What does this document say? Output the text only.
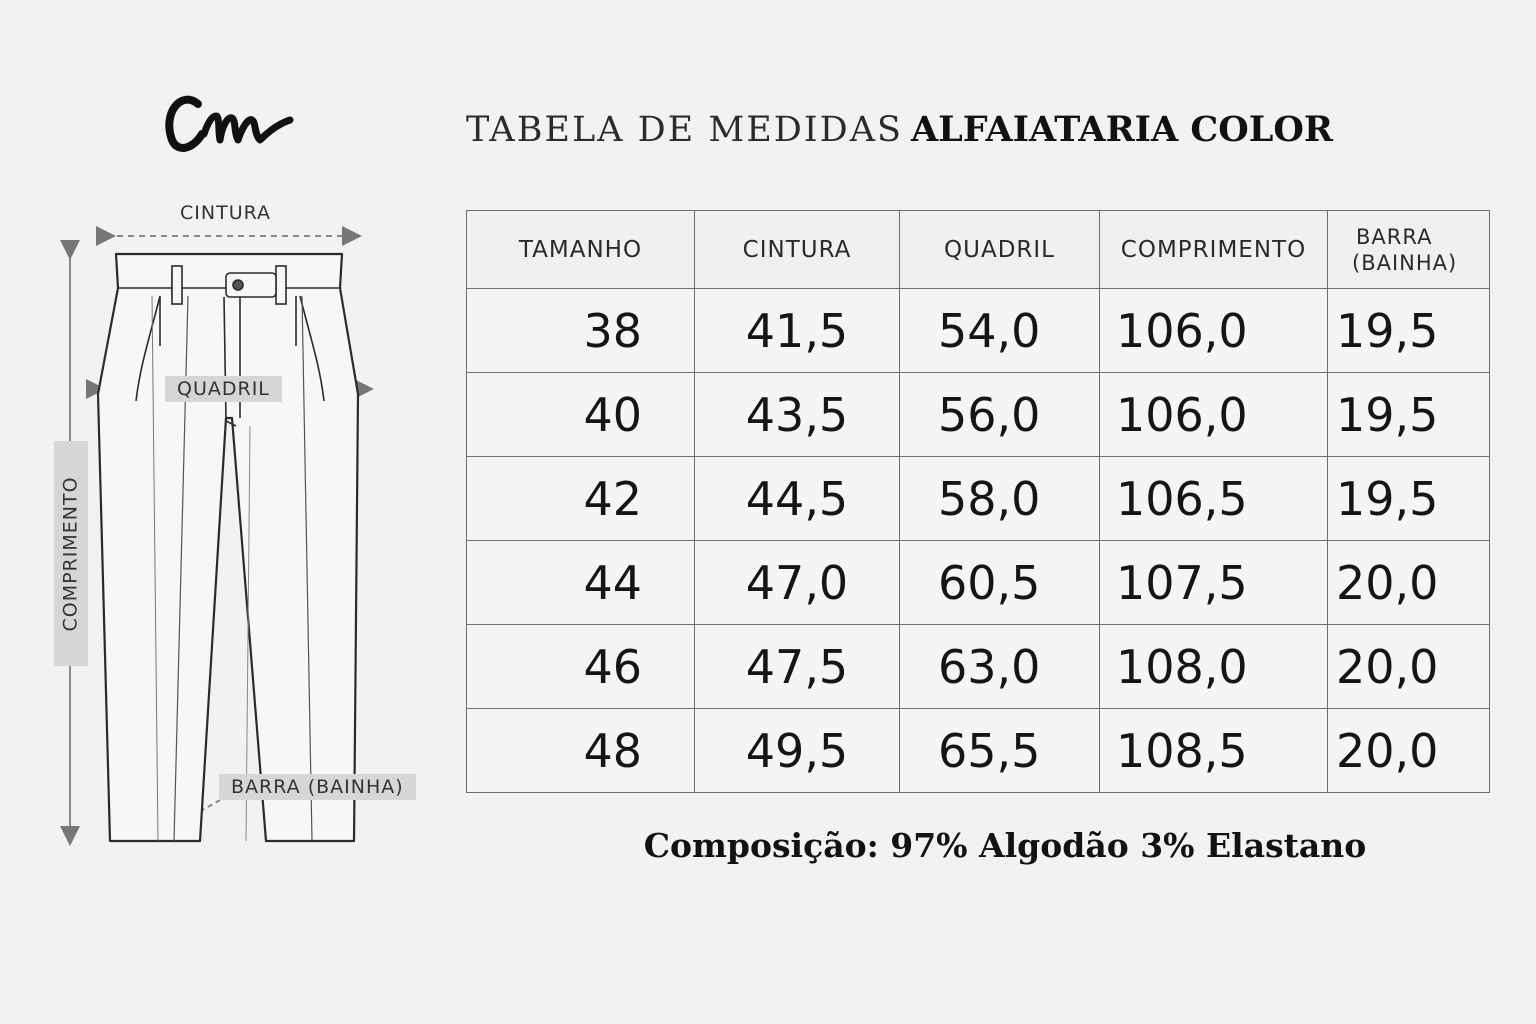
TABELA DE MEDIDAS ALFAIATARIA COLOR
CINTURA
QUADRIL
COMPRIMENTO
BARRA (BAINHA)
TAMANHO	CINTURA	QUADRIL	COMPRIMENTO	BARRA
(BAINHA)

38	41,5	54,0	106,0	19,5
40	43,5	56,0	106,0	19,5
42	44,5	58,0	106,5	19,5
44	47,0	60,5	107,5	20,0
46	47,5	63,0	108,0	20,0
48	49,5	65,5	108,5	20,0
Composição: 97% Algodão 3% Elastano
